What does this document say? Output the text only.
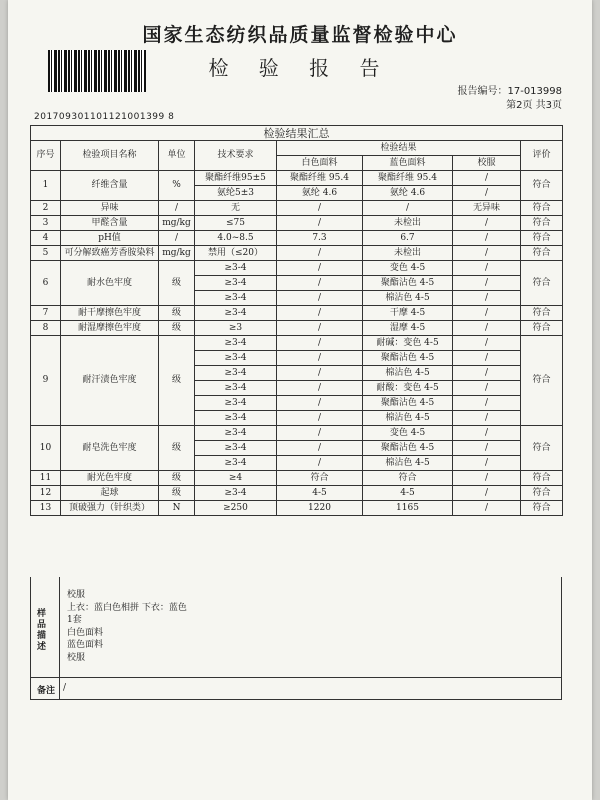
国家生态纺织品质量监督检验中心
检 验 报 告
报告编号：17-013998
第2页 共3页
201709301101121001399 8
检验结果汇总							
序号	检验项目名称	单位	技术要求	检验结果			评价
				白色面料	蓝色面料	校服	
1	纤维含量	%	聚酯纤维95±5	聚酯纤维 95.4	聚酯纤维 95.4	/	符合
			氨纶5±3	氨纶 4.6	氨纶 4.6	/	
2	异味	/	无	/	/	无异味	符合
3	甲醛含量	mg/kg	≤75	/	未检出	/	符合
4	pH值	/	4.0~8.5	7.3	6.7	/	符合
5	可分解致癌芳香胺染料	mg/kg	禁用（≤20）	/	未检出	/	符合
6	耐水色牢度	级	≥3-4	/	变色 4-5	/	符合
			≥3-4	/	聚酯沾色 4-5	/	
			≥3-4	/	棉沾色 4-5	/	
7	耐干摩擦色牢度	级	≥3-4	/	干摩 4-5	/	符合
8	耐湿摩擦色牢度	级	≥3	/	湿摩 4-5	/	符合
9	耐汗渍色牢度	级	≥3-4	/	耐碱：变色 4-5	/	符合
			≥3-4	/	聚酯沾色 4-5	/	
			≥3-4	/	棉沾色 4-5	/	
			≥3-4	/	耐酸：变色 4-5	/	
			≥3-4	/	聚酯沾色 4-5	/	
			≥3-4	/	棉沾色 4-5	/	
10	耐皂洗色牢度	级	≥3-4	/	变色 4-5	/	符合
			≥3-4	/	聚酯沾色 4-5	/	
			≥3-4	/	棉沾色 4-5	/	
11	耐光色牢度	级	≥4	符合	符合	/	符合
12	起球	级	≥3-4	4-5	4-5	/	符合
13	顶破强力（针织类）	N	≥250	1220	1165	/	符合
样品描述
校服
上衣：蓝白色相拼 下衣：蓝色
1套
白色面料
蓝色面料
校服
备注 /
